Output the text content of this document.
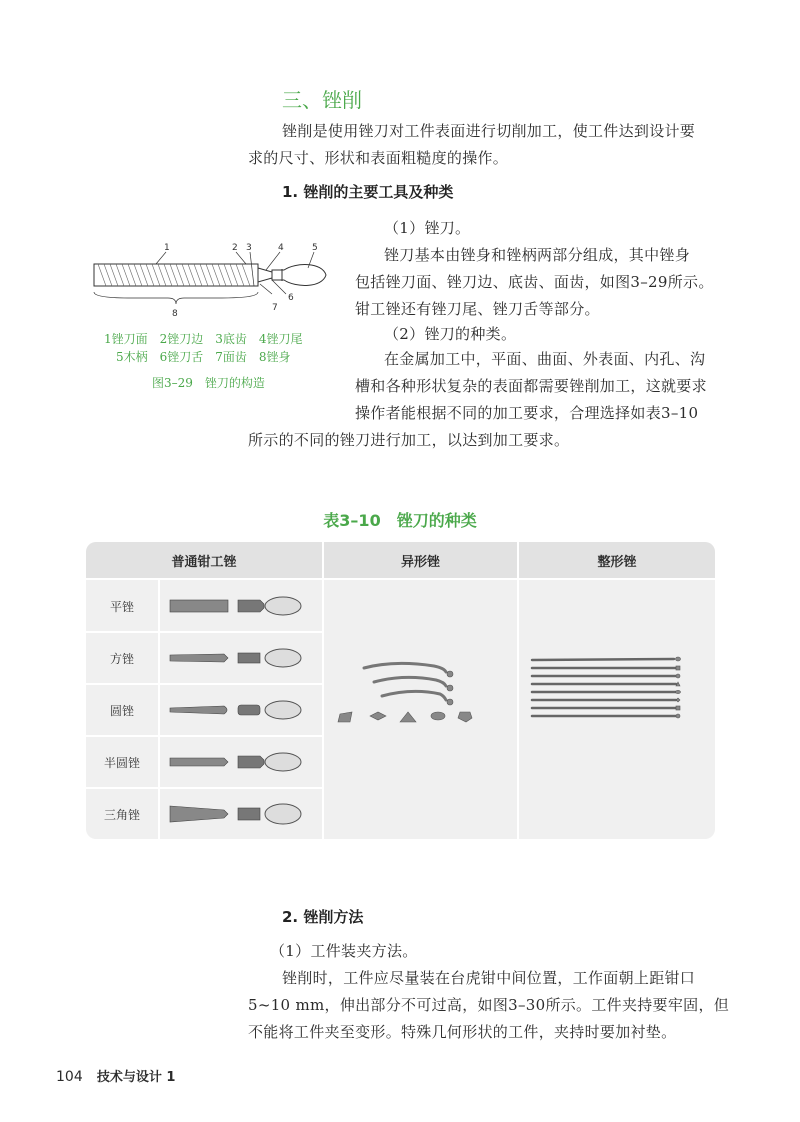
三、锉削
锉削是使用锉刀对工件表面进行切削加工，使工件达到设计要
求的尺寸、形状和表面粗糙度的操作。
1. 锉削的主要工具及种类
（1）锉刀。
锉刀基本由锉身和锉柄两部分组成，其中锉身
包括锉刀面、锉刀边、底齿、面齿，如图3–29所示。
钳工锉还有锉刀尾、锉刀舌等部分。
（2）锉刀的种类。
在金属加工中，平面、曲面、外表面、内孔、沟
槽和各种形状复杂的表面都需要锉削加工，这就要求
操作者能根据不同的加工要求，合理选择如表3–10
所示的不同的锉刀进行加工，以达到加工要求。
1	2 3	4	5
6
7
8
1锉刀面　2锉刀边　3底齿　4锉刀尾
5木柄　6锉刀舌　7面齿　8锉身
图3–29　锉刀的构造
表3–10　锉刀的种类
普通钳工锉	异形锉	整形锉
平锉
方锉
圆锉
半圆锉
三角锉
2. 锉削方法
（1）工件装夹方法。
锉削时，工件应尽量装在台虎钳中间位置，工作面朝上距钳口
5~10 mm，伸出部分不可过高，如图3–30所示。工件夹持要牢固，但
不能将工件夹至变形。特殊几何形状的工件，夹持时要加衬垫。
104 技术与设计 1
